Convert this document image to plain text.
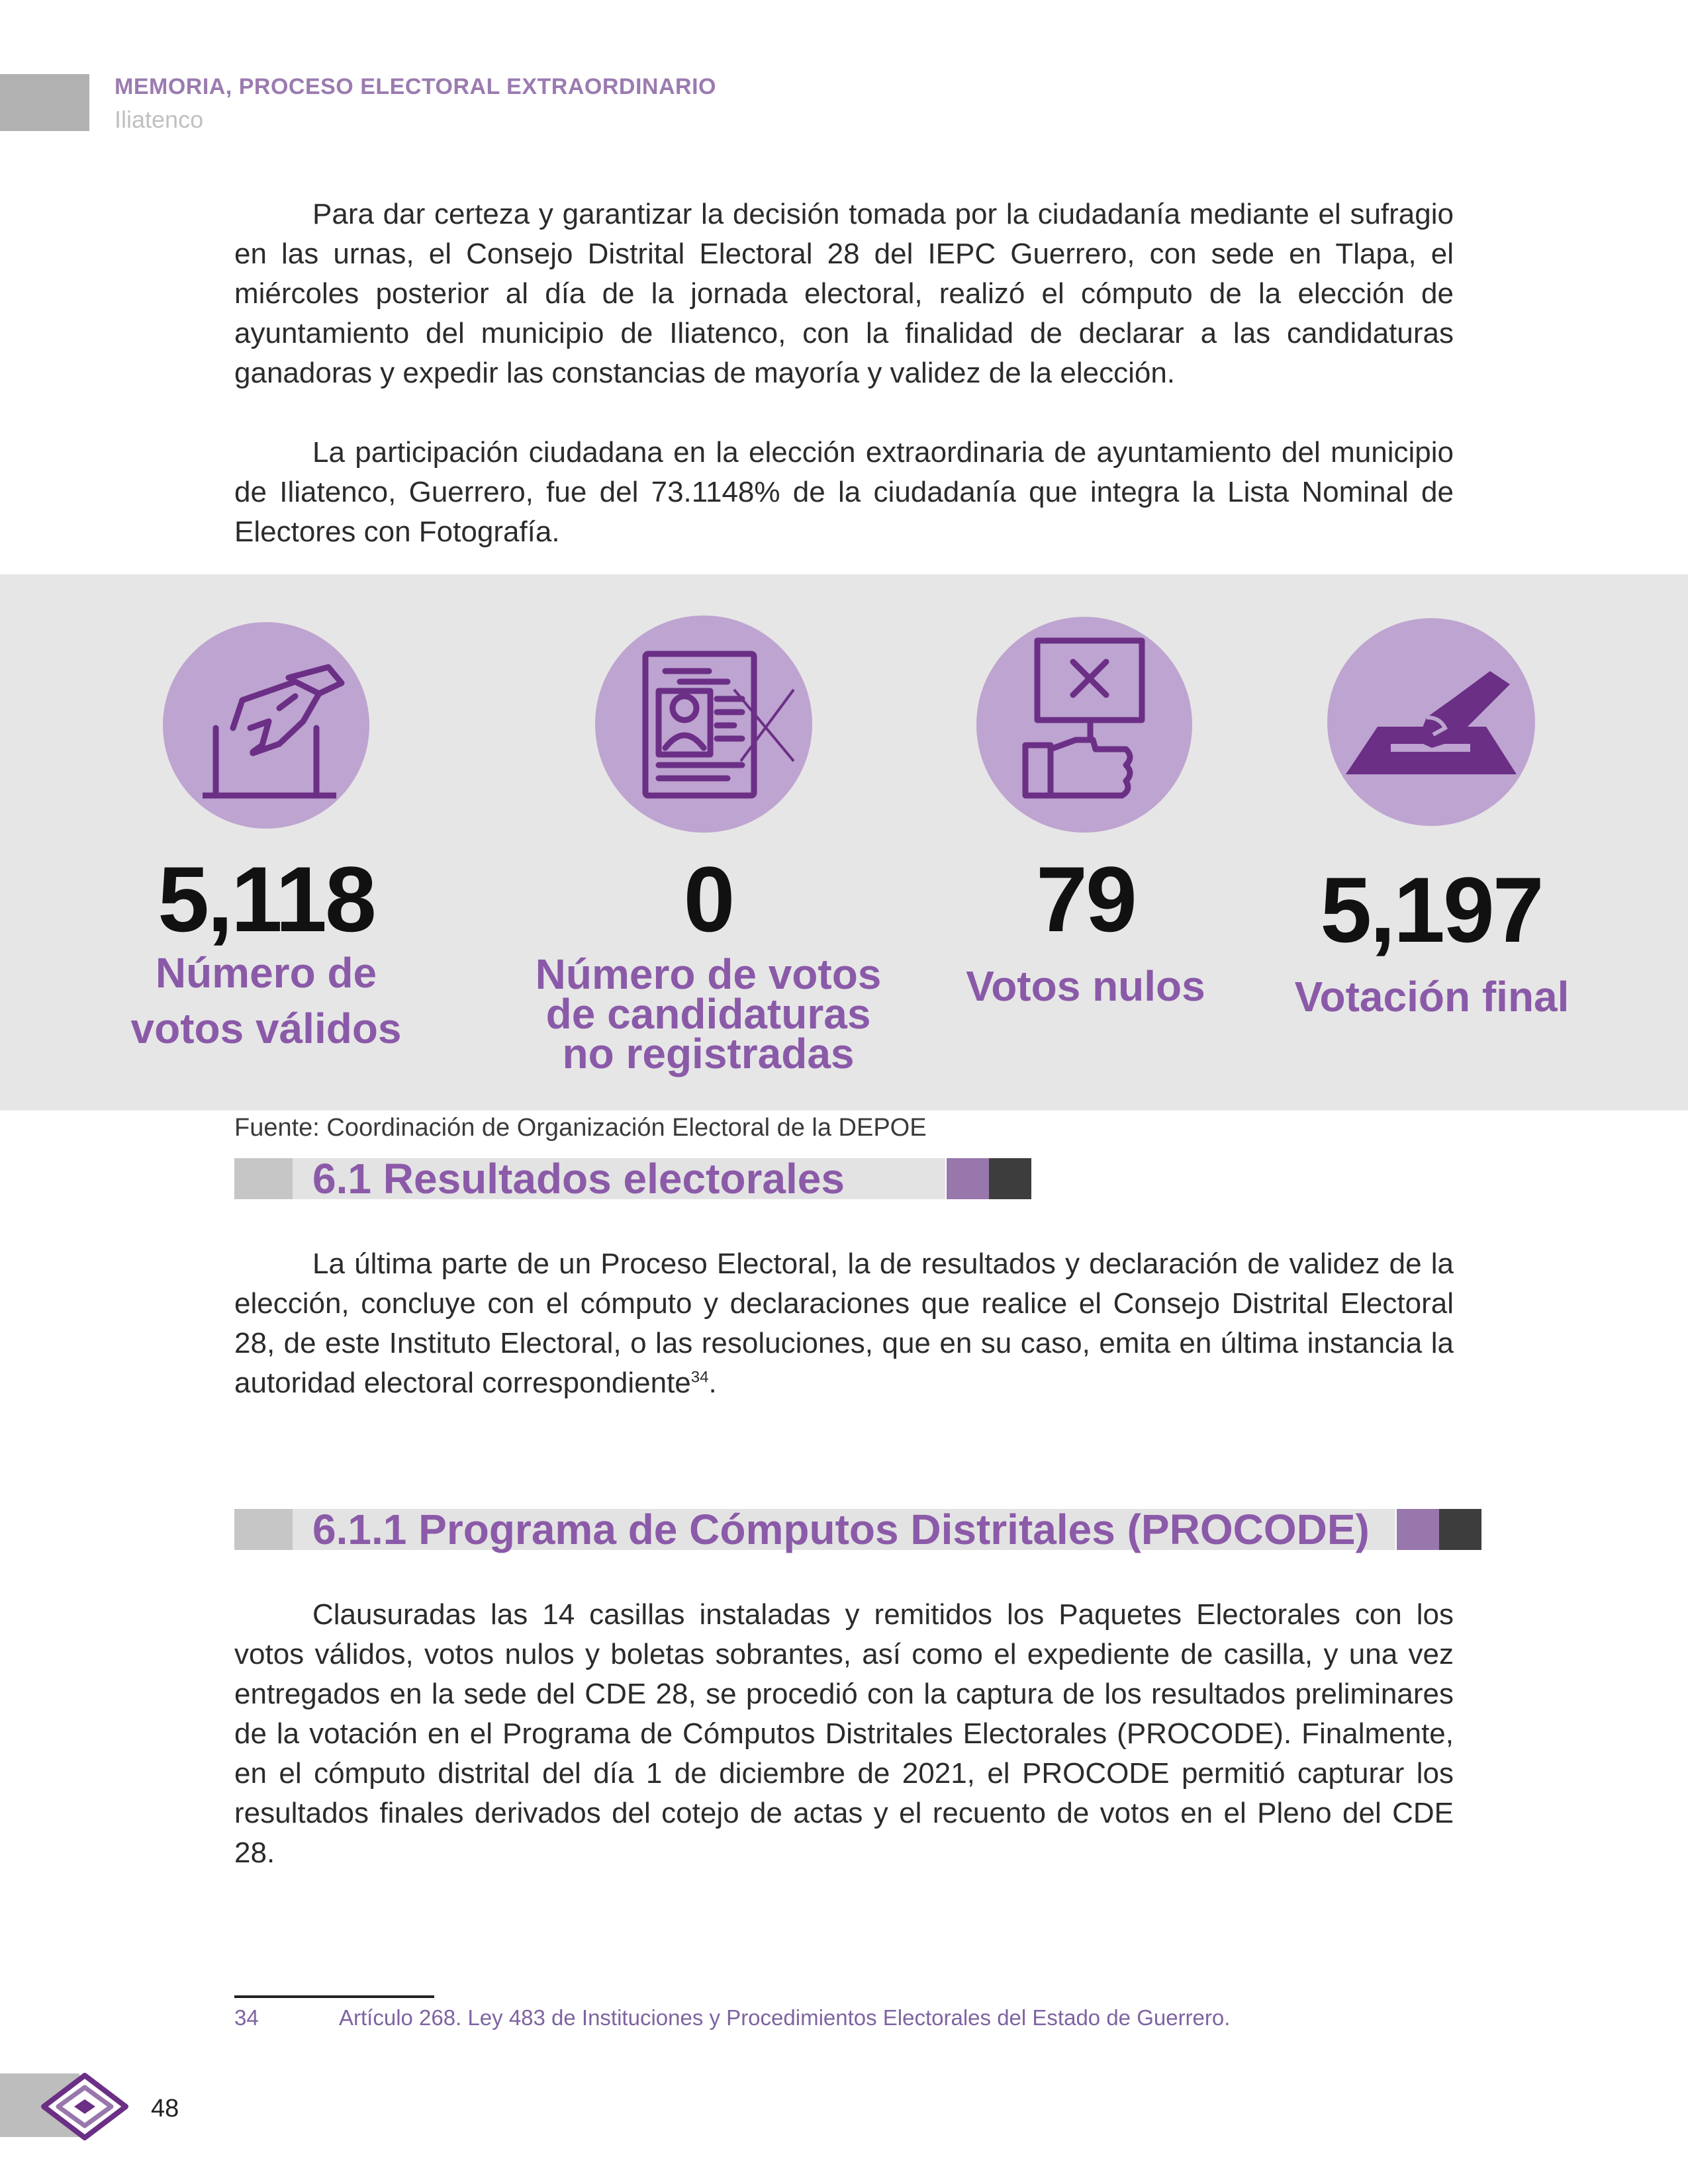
MEMORIA, PROCESO ELECTORAL EXTRAORDINARIO
Iliatenco
Para dar certeza y garantizar la decisión tomada por la ciudadanía mediante el sufragio en las urnas, el Consejo Distrital Electoral 28 del IEPC Guerrero, con sede en Tlapa, el miércoles posterior al día de la jornada electoral, realizó el cómputo de la elección de ayuntamiento del municipio de Iliatenco, con la finalidad de declarar a las candidaturas ganadoras y expedir las constancias de mayoría y validez de la elección.
La participación ciudadana en la elección extraordinaria de ayuntamiento del municipio de Iliatenco, Guerrero, fue del 73.1148% de la ciudadanía que integra la Lista Nominal de Electores con Fotografía.
5,118
Número de
votos válidos
0
Número de votos
de candidaturas
no registradas
79
Votos nulos
5,197
Votación final
Fuente: Coordinación de Organización Electoral de la DEPOE
6.1 Resultados electorales
La última parte de un Proceso Electoral, la de resultados y declaración de validez de la elección, concluye con el cómputo y declaraciones que realice el Consejo Distrital Electoral 28, de este Instituto Electoral, o las resoluciones, que en su caso, emita en última instancia la autoridad electoral correspondiente$^{34}$.
6.1.1 Programa de Cómputos Distritales (PROCODE)
Clausuradas las 14 casillas instaladas y remitidos los Paquetes Electorales con los votos válidos, votos nulos y boletas sobrantes, así como el expediente de casilla, y una vez entregados en la sede del CDE 28, se procedió con la captura de los resultados preliminares de la votación en el Programa de Cómputos Distritales Electorales (PROCODE). Finalmente, en el cómputo distrital del día 1 de diciembre de 2021, el PROCODE permitió capturar los resultados finales derivados del cotejo de actas y el recuento de votos en el Pleno del CDE 28.
34	Artículo 268. Ley 483 de Instituciones y Procedimientos Electorales del Estado de Guerrero.
48
